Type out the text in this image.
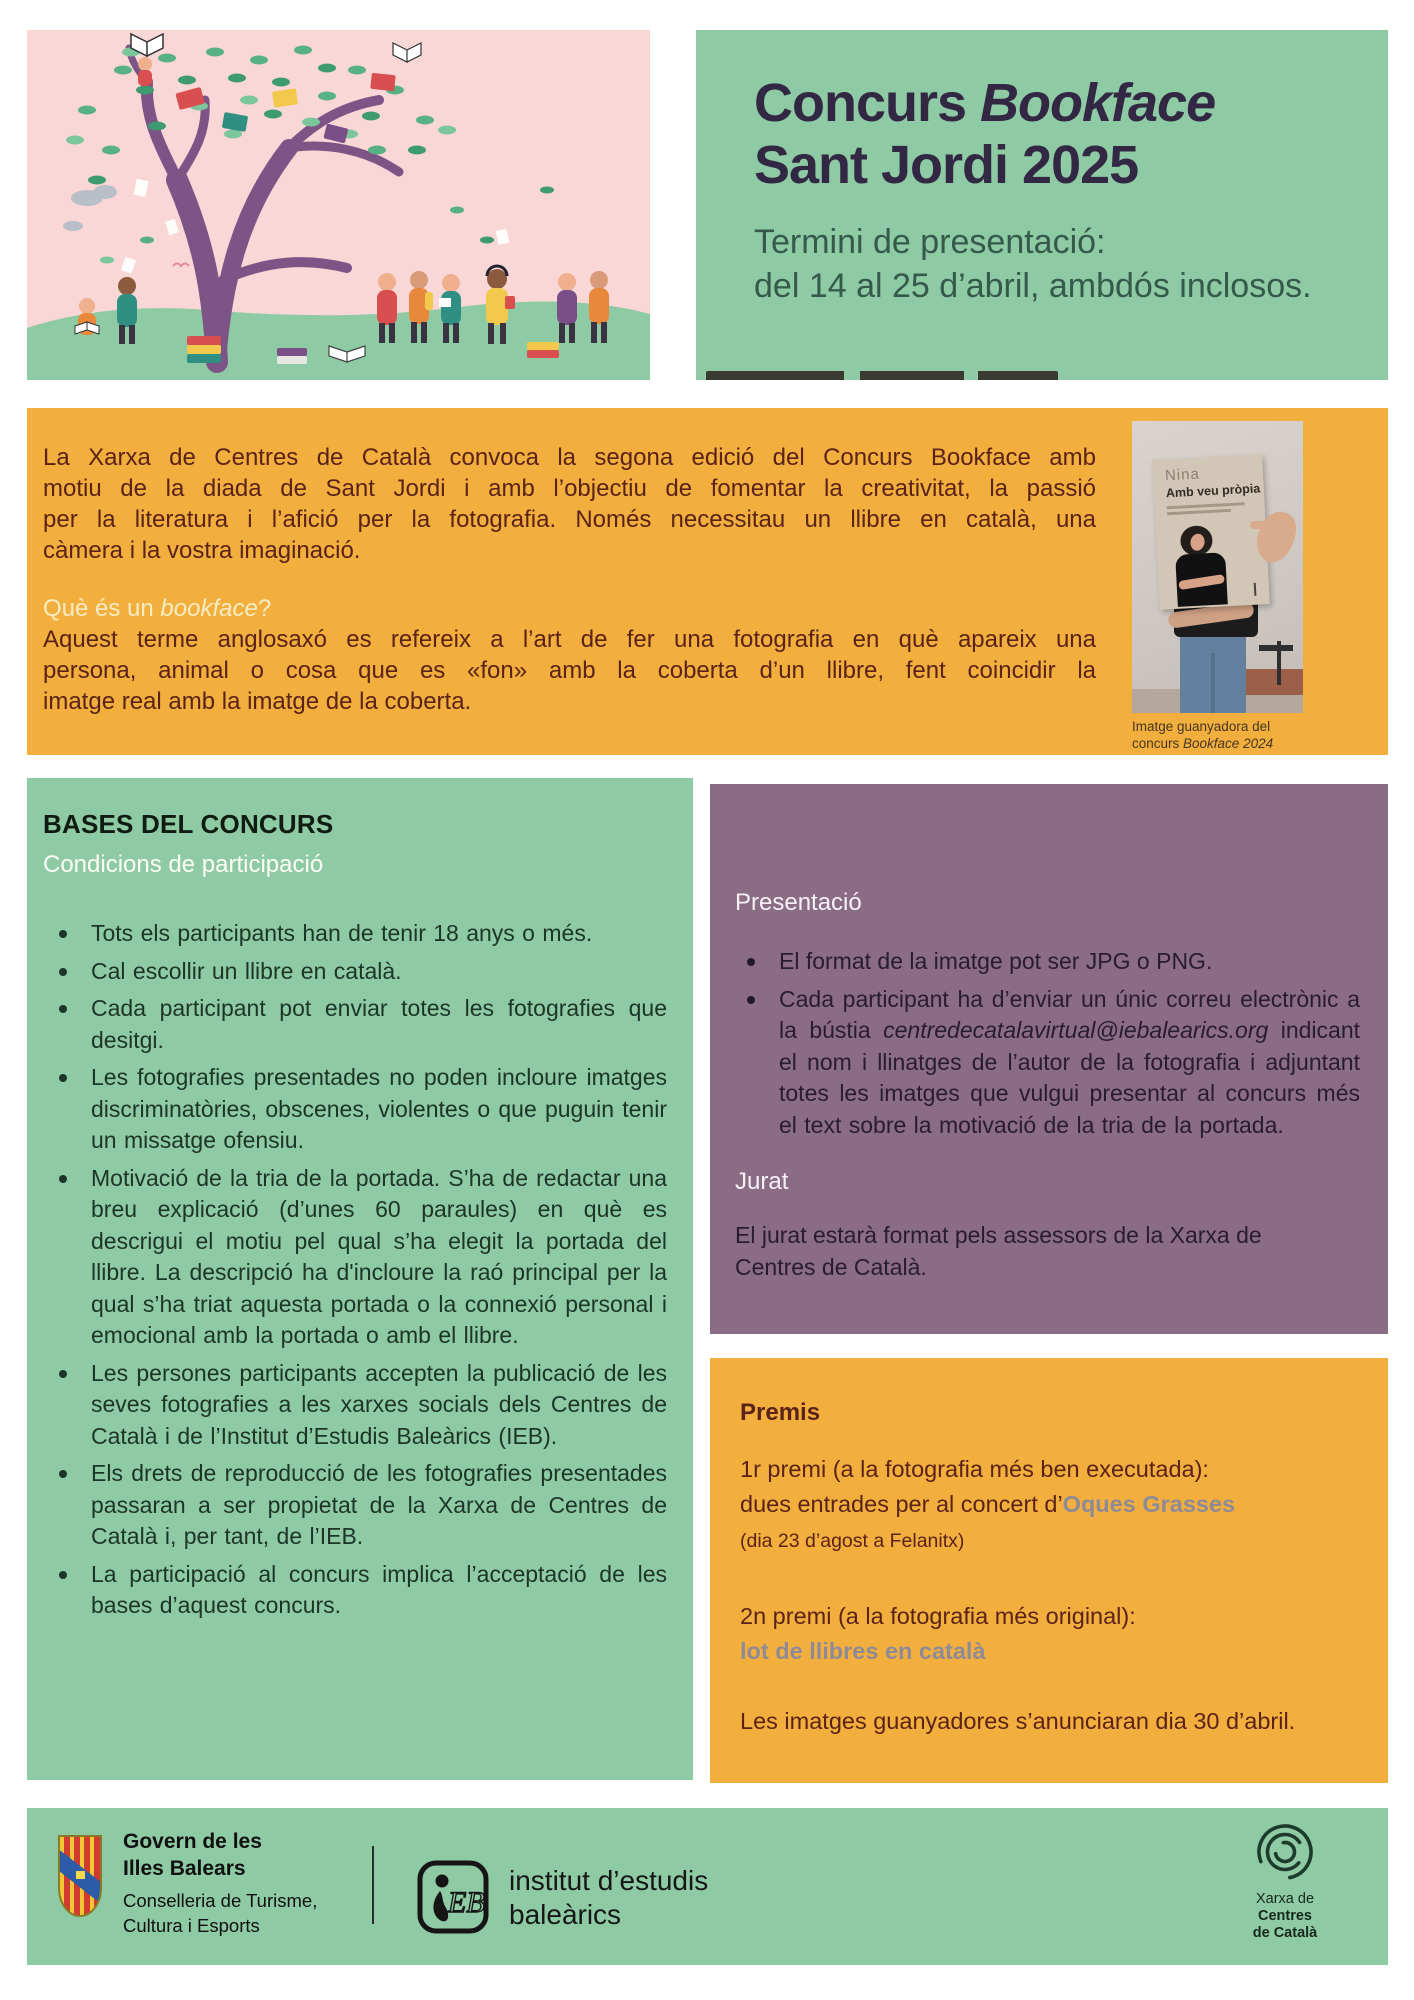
Concurs Bookface
Sant Jordi 2025
Termini de presentació:
del 14 al 25 d’abril, ambdós inclosos.
La Xarxa de Centres de Català convoca la segona edició del Concurs Bookface amb
motiu de la diada de Sant Jordi i amb l’objectiu de fomentar la creativitat, la passió
per la literatura i l’afició per la fotografia. Només necessitau un llibre en català, una
càmera i la vostra imaginació.
Què és un bookface?
Aquest terme anglosaxó es refereix a l’art de fer una fotografia en què apareix una
persona, animal o cosa que es «fon» amb la coberta d’un llibre, fent coincidir la
imatge real amb la imatge de la coberta.
Nina
Amb veu pròpia
Imatge guanyadora del concurs Bookface 2024
BASES DEL CONCURS
Condicions de participació
Tots els participants han de tenir 18 anys o més.
Cal escollir un llibre en català.
Cada participant pot enviar totes les fotografies que desitgi.
Les fotografies presentades no poden incloure imatges discriminatòries, obscenes, violentes o que puguin tenir un missatge ofensiu.
Motivació de la tria de la portada. S’ha de redactar una breu explicació (d’unes 60 paraules) en què es descrigui el motiu pel qual s’ha elegit la portada del llibre. La descripció ha d'incloure la raó principal per la qual s’ha triat aquesta portada o la connexió personal i emocional amb la portada o amb el llibre.
Les persones participants accepten la publicació de les seves fotografies a les xarxes socials dels Centres de Català i de l’Institut d’Estudis Baleàrics (IEB).
Els drets de reproducció de les fotografies presentades passaran a ser propietat de la Xarxa de Centres de Català i, per tant, de l’IEB.
La participació al concurs implica l’acceptació de les bases d’aquest concurs.
Presentació
El format de la imatge pot ser JPG o PNG.
Cada participant ha d’enviar un únic correu electrònic a la bústia centredecatalavirtual@iebalearics.org indicant el nom i llinatges de l’autor de la fotografia i adjuntant totes les imatges que vulgui presentar al concurs més el text sobre la motivació de la tria de la portada.
Jurat

El jurat estarà format pels assessors de la Xarxa de Centres de Català.

Premis

1r premi (a la fotografia més ben executada):
dues entrades per al concert d’Oques Grasses
(dia 23 d’agost a Felanitx)

2n premi (a la fotografia més original):
lot de llibres en català

Les imatges guanyadores s’anunciaran dia 30 d’abril.

Govern de les
Illes Balears
Conselleria de Turisme,
Cultura i Esports
EB
institut d’estudis
baleàrics	Xarxa de
Centres
de Català
